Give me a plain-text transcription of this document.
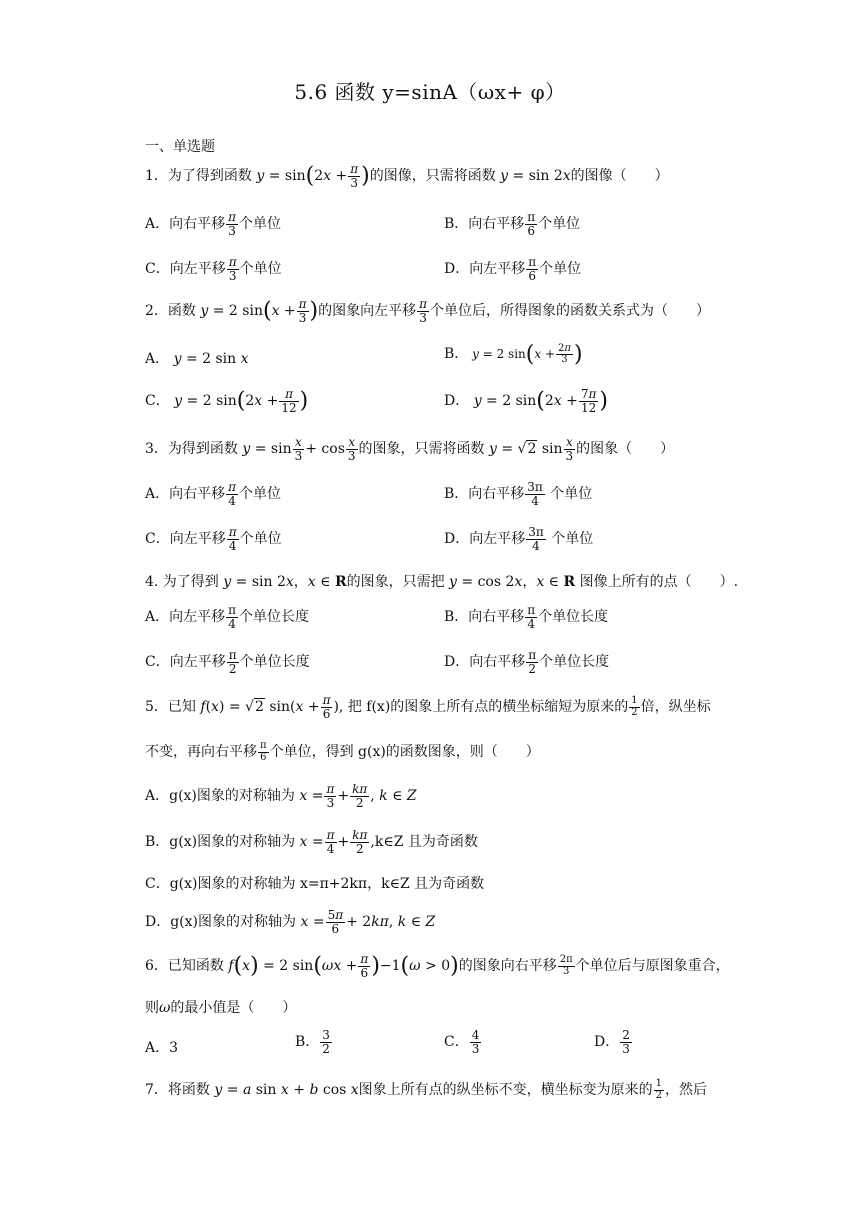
5.6 函数 y=sinA（ωx+ φ）
一、单选题
1．为了得到函数 $y = \sin(2x + \frac{\pi}{3}$ )的图像，只需将函数 y = sin 2x的图像（　　）
A．向右平移 $\frac{\pi}{3}$ 个单位	B．向右平移 $\frac{\pi}{6}$ 个单位
C．向左平移 $\frac{\pi}{3}$ 个单位	D．向左平移 $\frac{\pi}{6}$ 个单位
2．函数 y = 2 $\sin(x + \frac{\pi}{3}$ )的图象向左平移 $\frac{\pi}{3}$ 个单位后，所得图象的函数关系式为（　　）
A． y = 2 sin x	B． y = 2 $\sin(x + \frac{2\pi}{3}$ )
C． y = 2 $\sin(2x + \frac{\pi}{12}$ )	D． y = 2 $\sin(2x + \frac{7\pi}{12}$ )
3．为得到函数 $y = \sin \frac{x}{3} + \cos \frac{x}{3}$ 的图象，只需将函数 y = √2 $\sin \frac{x}{3}$ 的图象（　　）
A．向右平移 $\frac{\pi}{4}$ 个单位	B．向右平移 $\frac{3\pi}{4}$ 个单位
C．向左平移 $\frac{\pi}{4}$ 个单位	D．向左平移 $\frac{3\pi}{4}$ 个单位
4. 为了得到 y = sin 2x，x ∈ R的图象，只需把 y = cos 2x，x ∈ R 图像上所有的点（　　）.
A．向左平移 $\frac{\pi}{4}$ 个单位长度	B．向右平移 $\frac{\pi}{4}$ 个单位长度
C．向左平移 $\frac{\pi}{2}$ 个单位长度	D．向右平移 $\frac{\pi}{2}$ 个单位长度
5．已知 f(x) = √2 $\sin(x + \frac{\pi}{6}$ ), 把 f(x)的图象上所有点的横坐标缩短为原来的 $\frac{1}{2}$ 倍，纵坐标
不变，再向右平移 $\frac{\pi}{6}$ 个单位，得到 g(x)的函数图象，则（　　）
A．g(x)图象的对称轴为 $x = \frac{\pi}{3} + \frac{k\pi}{2}$ , k ∈ Z
B．g(x)图象的对称轴为 $x = \frac{\pi}{4} + \frac{k\pi}{2}$ ,k∈Z 且为奇函数
C．g(x)图象的对称轴为 x=π+2kπ，k∈Z 且为奇函数
D．g(x)图象的对称轴为 $x = \frac{5\pi}{6} + 2k\pi$, k ∈ Z
6．已知函数 f(x) = 2 $\sin(\omega x + \frac{\pi}{6} )-1(\omega > 0)$的图象向右平移 $\frac{2\pi}{3}$ 个单位后与原图象重合，
则ω的最小值是（　　）
A．3	B． $\frac{3}{2}$	C． $\frac{4}{3}$	D． $\frac{2}{3}$
7．将函数 y = a sin x + b cos x图象上所有点的纵坐标不变，横坐标变为原来的 $\frac{1}{2}$ ，然后
